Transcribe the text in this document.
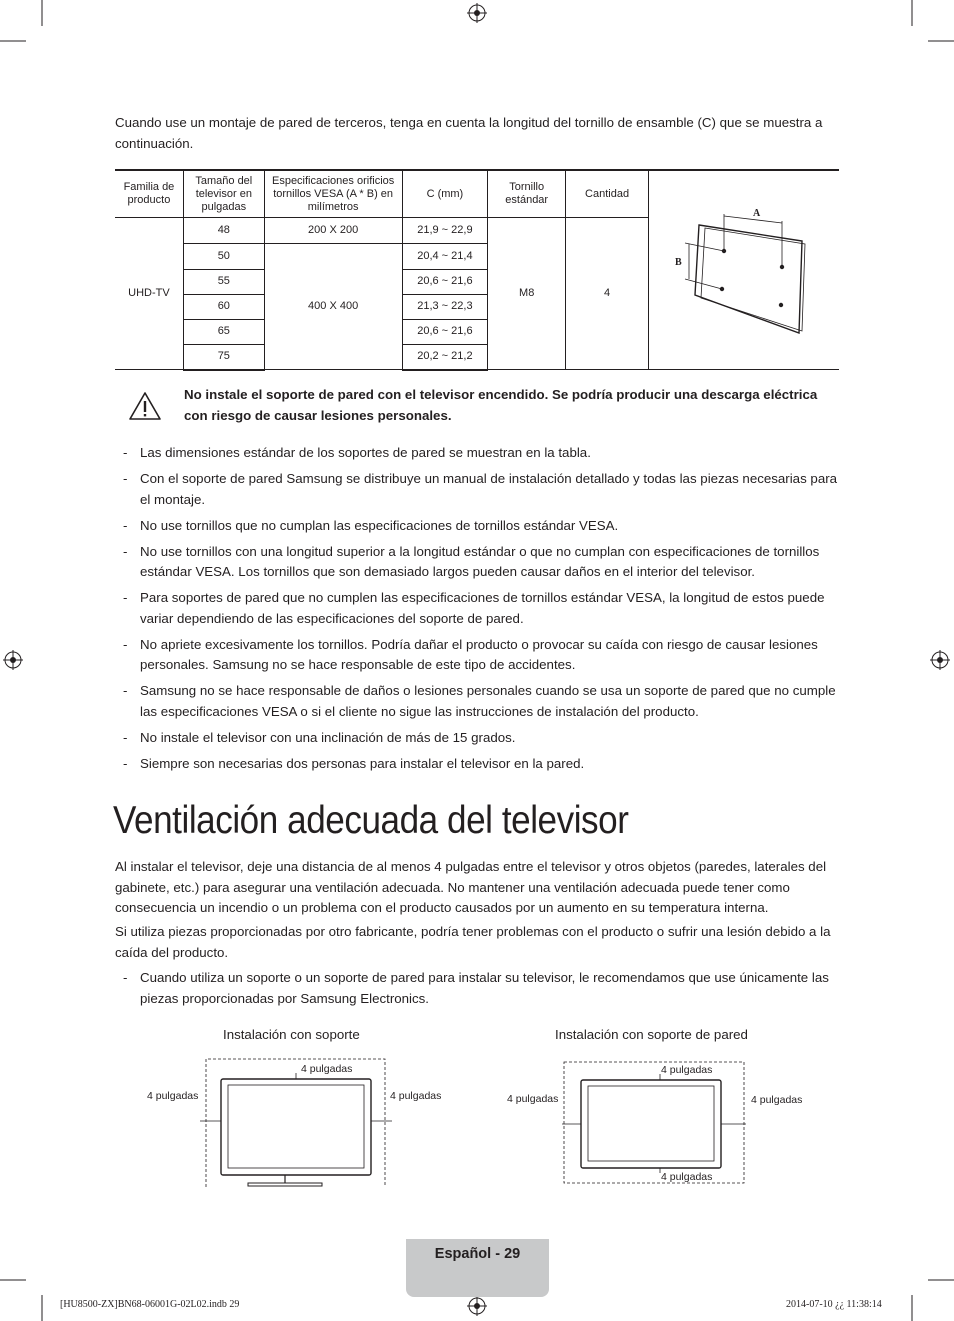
Cuando use un montaje de pared de terceros, tenga en cuenta la longitud del tornillo de ensamble (C) que se muestra a continuación.
Familia de producto	Tamaño del televisor en pulgadas	Especificaciones orificios tornillos VESA (A * B) en milímetros	C (mm)	Tornillo estándar	Cantidad	A
B

UHD-TV	48	200 X 200	21,9 ~ 22,9	M8	4	
	50	400 X 400	20,4 ~ 21,4			
	55		20,6 ~ 21,6			
	60		21,3 ~ 22,3			
	65		20,6 ~ 21,6			
	75		20,2 ~ 21,2			
No instale el soporte de pared con el televisor encendido. Se podría producir una descarga eléctrica con riesgo de causar lesiones personales.
- Las dimensiones estándar de los soportes de pared se muestran en la tabla.
- Con el soporte de pared Samsung se distribuye un manual de instalación detallado y todas las piezas necesarias para el montaje.
- No use tornillos que no cumplan las especificaciones de tornillos estándar VESA.
- No use tornillos con una longitud superior a la longitud estándar o que no cumplan con especificaciones de tornillos estándar VESA. Los tornillos que son demasiado largos pueden causar daños en el interior del televisor.
- Para soportes de pared que no cumplen las especificaciones de tornillos estándar VESA, la longitud de estos puede variar dependiendo de las especificaciones del soporte de pared.
- No apriete excesivamente los tornillos. Podría dañar el producto o provocar su caída con riesgo de causar lesiones personales. Samsung no se hace responsable de este tipo de accidentes.
- Samsung no se hace responsable de daños o lesiones personales cuando se usa un soporte de pared que no cumple las especificaciones VESA o si el cliente no sigue las instrucciones de instalación del producto.
- No instale el televisor con una inclinación de más de 15 grados.
- Siempre son necesarias dos personas para instalar el televisor en la pared.
Ventilación adecuada del televisor
Al instalar el televisor, deje una distancia de al menos 4 pulgadas entre el televisor y otros objetos (paredes, laterales del gabinete, etc.) para asegurar una ventilación adecuada. No mantener una ventilación adecuada puede tener como consecuencia un incendio o un problema con el producto causados por un aumento en su temperatura interna.
Si utiliza piezas proporcionadas por otro fabricante, podría tener problemas con el producto o sufrir una lesión debido a la caída del producto.
- Cuando utiliza un soporte o un soporte de pared para instalar su televisor, le recomendamos que use únicamente las piezas proporcionadas por Samsung Electronics.
Instalación con soporte
4 pulgadas
4 pulgadas	4 pulgadas
Instalación con soporte de pared
4 pulgadas
4 pulgadas	4 pulgadas
4 pulgadas
Español - 29
[HU8500-ZX]BN68-06001G-02L02.indb 29	2014-07-10 ¿¿ 11:38:14
